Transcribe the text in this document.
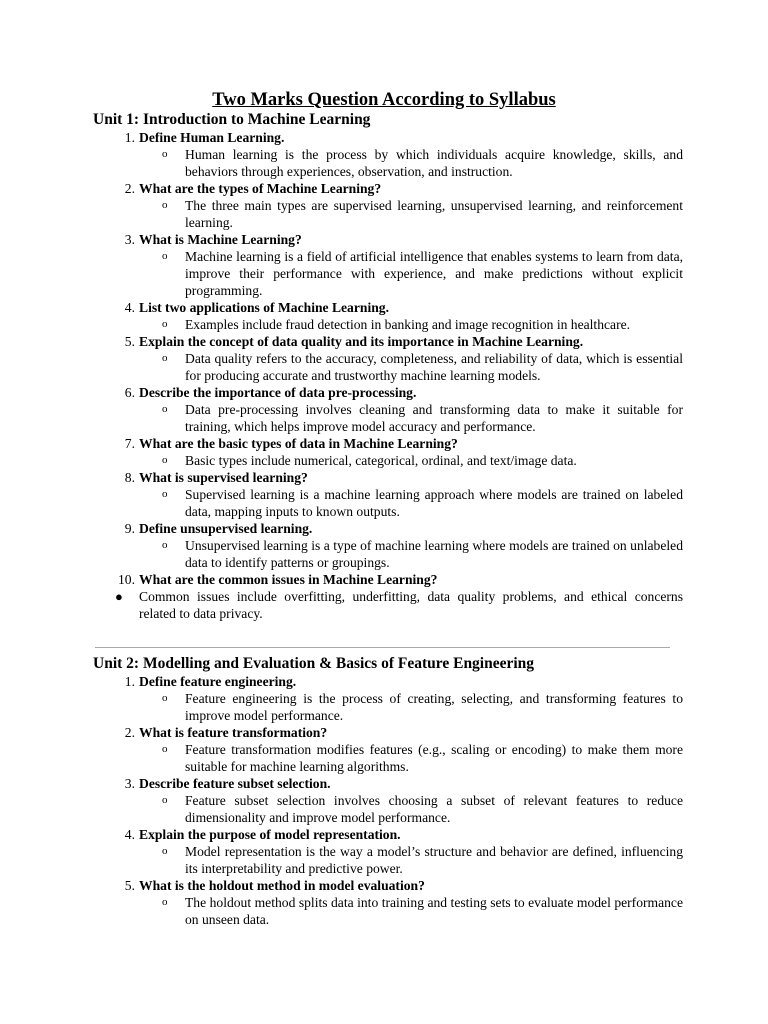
Two Marks Question According to Syllabus
Unit 1: Introduction to Machine Learning
1. Define Human Learning.
o Human learning is the process by which individuals acquire knowledge, skills, and behaviors through experiences, observation, and instruction.
2. What are the types of Machine Learning?
o The three main types are supervised learning, unsupervised learning, and reinforcement learning.
3. What is Machine Learning?
o Machine learning is a field of artificial intelligence that enables systems to learn from data, improve their performance with experience, and make predictions without explicit programming.
4. List two applications of Machine Learning.
o Examples include fraud detection in banking and image recognition in healthcare.
5. Explain the concept of data quality and its importance in Machine Learning.
o Data quality refers to the accuracy, completeness, and reliability of data, which is essential for producing accurate and trustworthy machine learning models.
6. Describe the importance of data pre-processing.
o Data pre-processing involves cleaning and transforming data to make it suitable for training, which helps improve model accuracy and performance.
7. What are the basic types of data in Machine Learning?
o Basic types include numerical, categorical, ordinal, and text/image data.
8. What is supervised learning?
o Supervised learning is a machine learning approach where models are trained on labeled data, mapping inputs to known outputs.
9. Define unsupervised learning.
o Unsupervised learning is a type of machine learning where models are trained on unlabeled data to identify patterns or groupings.
10. What are the common issues in Machine Learning?
● Common issues include overfitting, underfitting, data quality problems, and ethical concerns related to data privacy.
Unit 2: Modelling and Evaluation & Basics of Feature Engineering
1. Define feature engineering.
o Feature engineering is the process of creating, selecting, and transforming features to improve model performance.
2. What is feature transformation?
o Feature transformation modifies features (e.g., scaling or encoding) to make them more suitable for machine learning algorithms.
3. Describe feature subset selection.
o Feature subset selection involves choosing a subset of relevant features to reduce dimensionality and improve model performance.
4. Explain the purpose of model representation.
o Model representation is the way a model’s structure and behavior are defined, influencing its interpretability and predictive power.
5. What is the holdout method in model evaluation?
o The holdout method splits data into training and testing sets to evaluate model performance on unseen data.
